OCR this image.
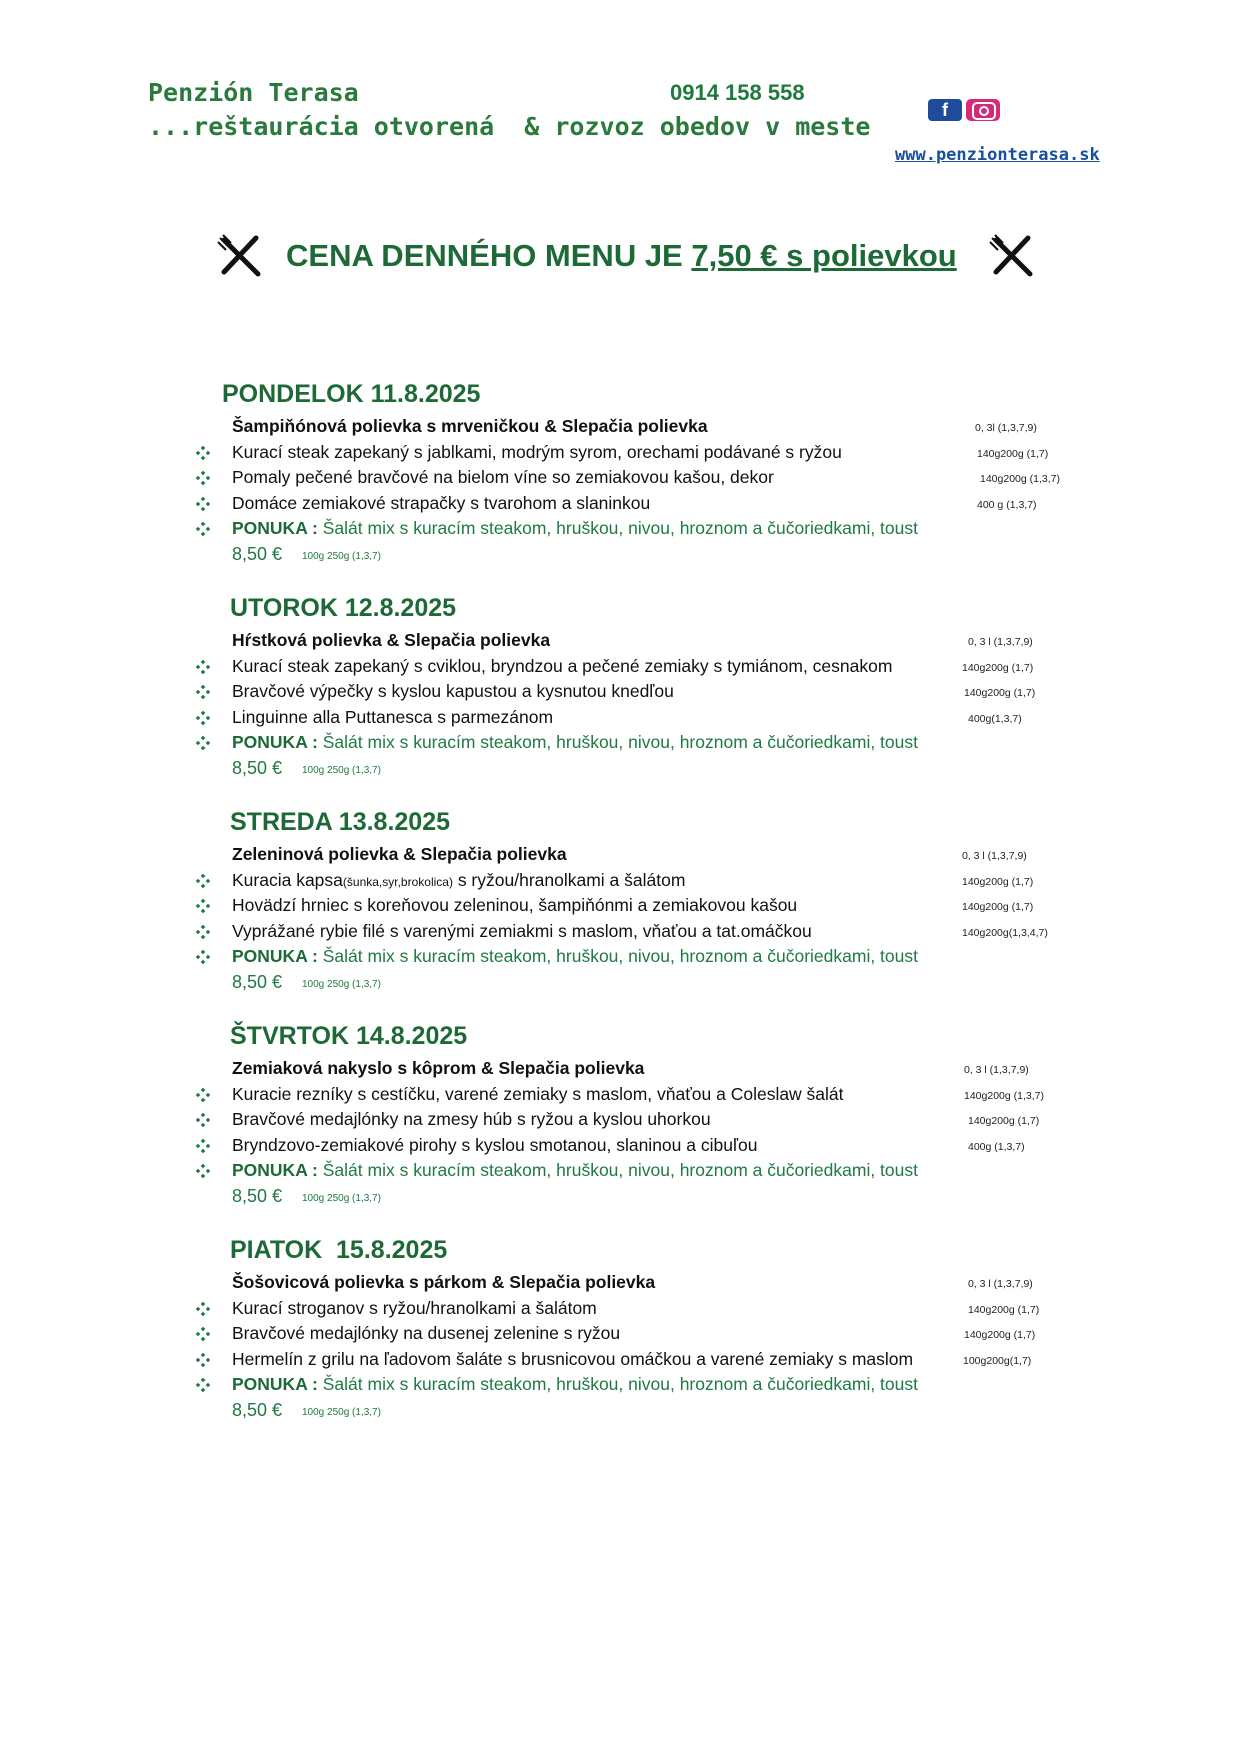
Penzión Terasa	0914 158 558
...reštaurácia otvorená  & rozvoz obedov v meste
f
www.penzionterasa.sk
CENA DENNÉHO MENU JE 7,50 € s polievkou
PONDELOK 11.8.2025
Šampiňónová polievka s mrveničkou & Slepačia polievka	0, 3l (1,3,7,9)
Kurací steak zapekaný s jablkami, modrým syrom, orechami podávané s ryžou	140g200g (1,7)
Pomaly pečené bravčové na bielom víne so zemiakovou kašou, dekor	140g200g (1,3,7)
Domáce zemiakové strapačky s tvarohom a slaninkou	400 g (1,3,7)
PONUKA : Šalát mix s kuracím steakom, hruškou, nivou, hroznom a čučoriedkami, toust
8,50 € 100g 250g (1,3,7)
UTOROK 12.8.2025
Hŕstková polievka & Slepačia polievka	0, 3 l (1,3,7,9)
Kurací steak zapekaný s cviklou, bryndzou a pečené zemiaky s tymiánom, cesnakom	140g200g (1,7)
Bravčové výpečky s kyslou kapustou a kysnutou knedľou	140g200g (1,7)
Linguinne alla Puttanesca s parmezánom	400g(1,3,7)
PONUKA : Šalát mix s kuracím steakom, hruškou, nivou, hroznom a čučoriedkami, toust
8,50 € 100g 250g (1,3,7)
STREDA 13.8.2025
Zeleninová polievka & Slepačia polievka	0, 3 l (1,3,7,9)
Kuracia kapsa(šunka,syr,brokolica) s ryžou/hranolkami a šalátom	140g200g (1,7)
Hovädzí hrniec s koreňovou zeleninou, šampiňónmi a zemiakovou kašou	140g200g (1,7)
Vyprážané rybie filé s varenými zemiakmi s maslom, vňaťou a tat.omáčkou	140g200g(1,3,4,7)
PONUKA : Šalát mix s kuracím steakom, hruškou, nivou, hroznom a čučoriedkami, toust
8,50 € 100g 250g (1,3,7)
ŠTVRTOK 14.8.2025
Zemiaková nakyslo s kôprom & Slepačia polievka	0, 3 l (1,3,7,9)
Kuracie rezníky s cestíčku, varené zemiaky s maslom, vňaťou a Coleslaw šalát	140g200g (1,3,7)
Bravčové medajlónky na zmesy húb s ryžou a kyslou uhorkou	140g200g (1,7)
Bryndzovo-zemiakové pirohy s kyslou smotanou, slaninou a cibuľou	400g (1,3,7)
PONUKA : Šalát mix s kuracím steakom, hruškou, nivou, hroznom a čučoriedkami, toust
8,50 € 100g 250g (1,3,7)
PIATOK  15.8.2025
Šošovicová polievka s párkom & Slepačia polievka	0, 3 l (1,3,7,9)
Kurací stroganov s ryžou/hranolkami a šalátom	140g200g (1,7)
Bravčové medajlónky na dusenej zelenine s ryžou	140g200g (1,7)
Hermelín z grilu na ľadovom šaláte s brusnicovou omáčkou a varené zemiaky s maslom	100g200g(1,7)
PONUKA : Šalát mix s kuracím steakom, hruškou, nivou, hroznom a čučoriedkami, toust
8,50 € 100g 250g (1,3,7)
